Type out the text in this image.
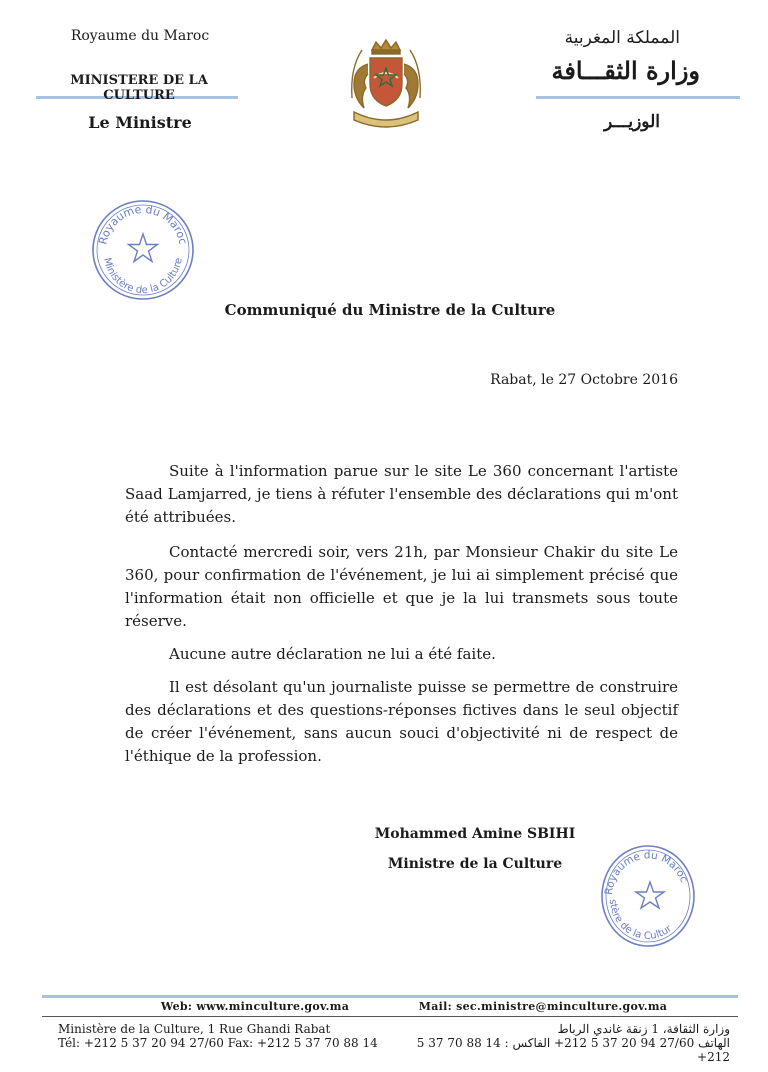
Royaume du Maroc
MINISTERE DE LA CULTURE
Le Ministre
المملكة المغربية
وزارة الثقـــافة
الوزيـــر
Royaume du Maroc
Ministère de la Culture
Communiqué du Ministre de la Culture
Rabat, le 27 Octobre 2016

Suite à l'information parue sur le site Le 360 concernant l'artiste Saad Lamjarred, je tiens à réfuter l'ensemble des déclarations qui m'ont été attribuées.

Contacté mercredi soir, vers 21h, par Monsieur Chakir du site Le 360, pour confirmation de l'événement, je lui ai simplement précisé que l'information était non officielle et que je la lui transmets sous toute réserve.

Aucune autre déclaration ne lui a été faite.

Il est désolant qu'un journaliste puisse se permettre de construire des déclarations et des questions-réponses fictives dans le seul objectif de créer l'événement, sans aucun souci d'objectivité ni de respect de l'éthique de la profession.

Mohammed Amine SBIHI
Ministre de la Culture
Royaume du Maroc
stère de la Cultur
Web: www.minculture.gov.ma	Mail: sec.ministre@minculture.gov.ma
Ministère de la Culture, 1 Rue Ghandi Rabat
Tél: +212 5 37 20 94 27/60 Fax: +212 5 37 70 88 14
وزارة الثقافة، 1 زنقة غاندي الرباط
الهاتف 27/60 94 20 37 5 212+ الفاكس : 14 88 70 37 5 212+
